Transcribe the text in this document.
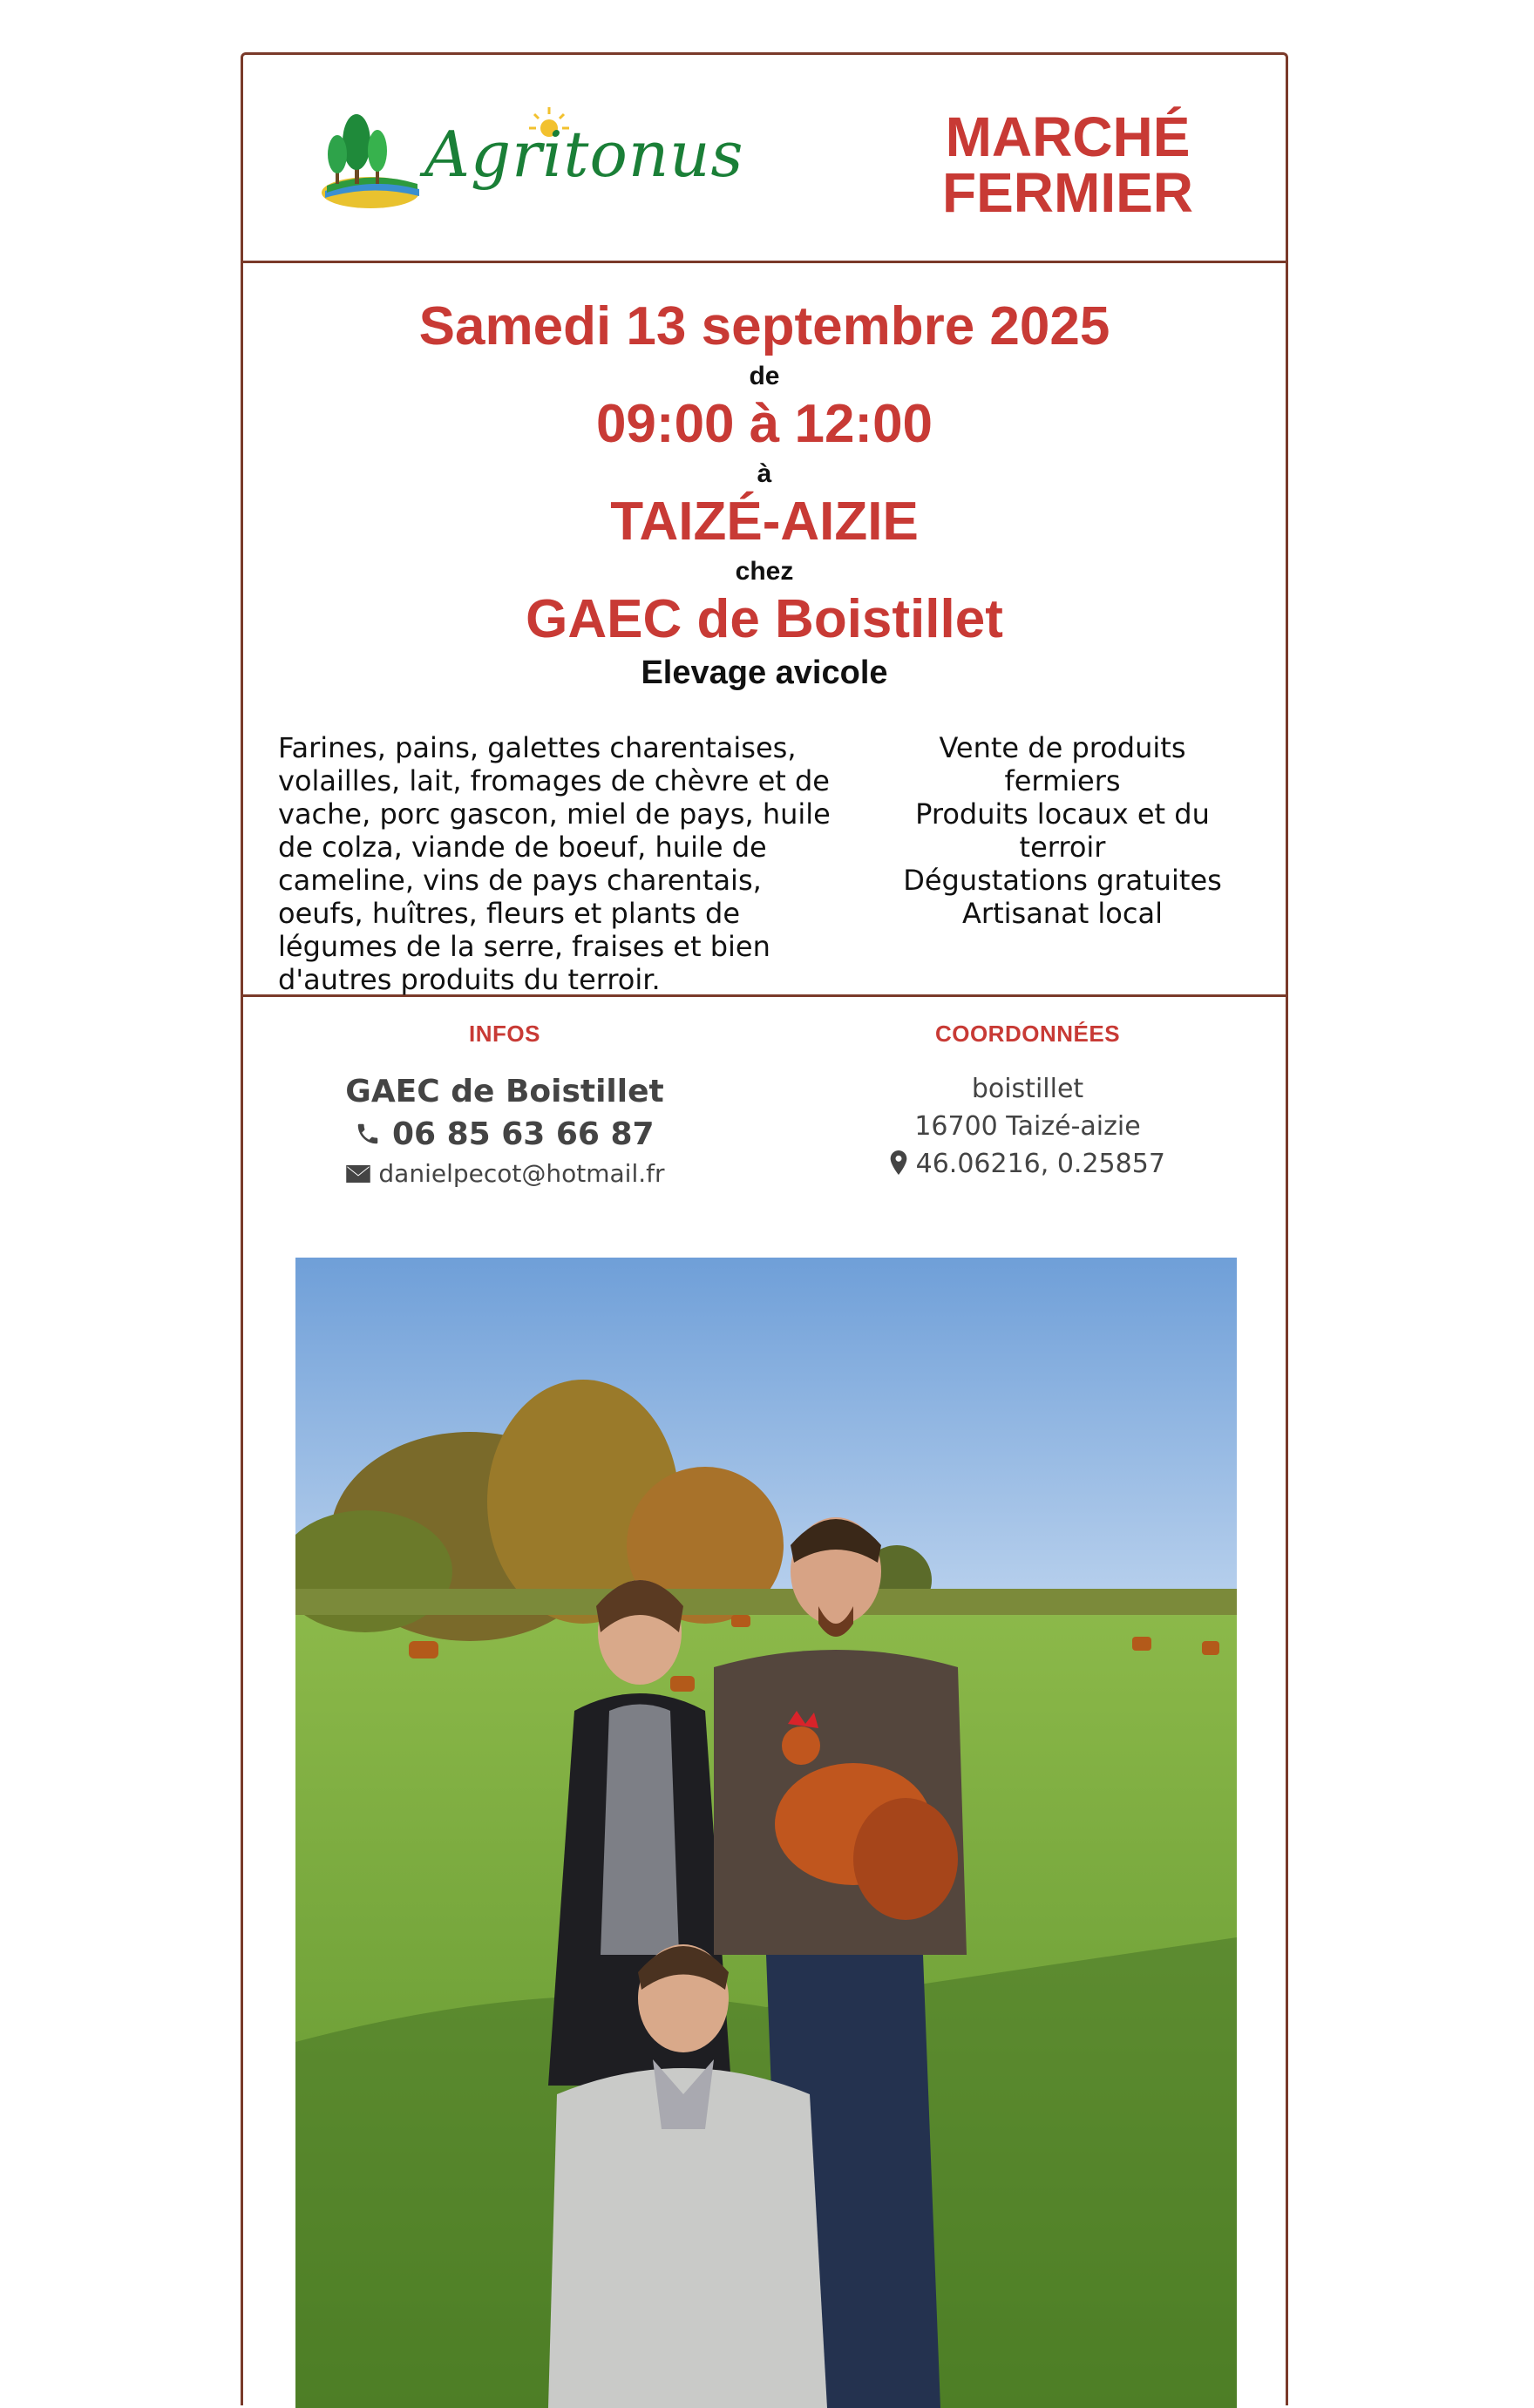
Agritonus	MARCHÉ
FERMIER
Samedi 13 septembre 2025
de
09:00 à 12:00
à
TAIZÉ-AIZIE
chez
GAEC de Boistillet
Elevage avicole
Farines, pains, galettes charentaises, volailles, lait, fromages de chèvre et de vache, porc gascon, miel de pays, huile de colza, viande de boeuf, huile de cameline, vins de pays charentais, oeufs, huîtres, fleurs et plants de légumes de la serre, fraises et bien d'autres produits du terroir.
Vente de produits fermiers
Produits locaux et du terroir
Dégustations gratuites
Artisanat local
INFOS
GAEC de Boistillet
06 85 63 66 87
danielpecot@hotmail.fr
COORDONNÉES
boistillet
16700 Taizé-aizie
46.06216, 0.25857
